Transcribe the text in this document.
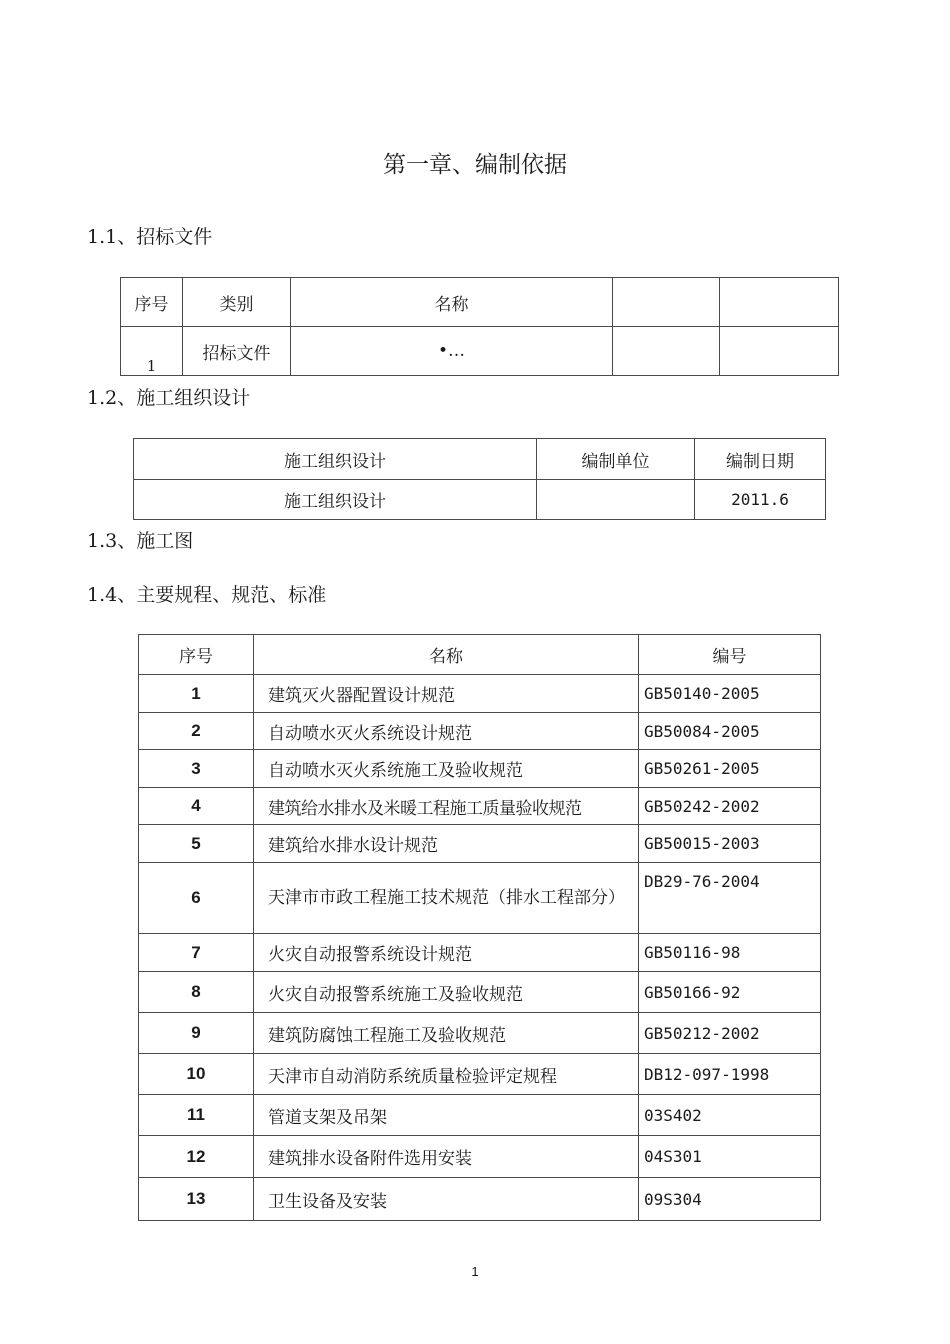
第一章、编制依据
1.1、招标文件
序号	类别	名称		
1	招标文件	•…		
1.2、施工组织设计
施工组织设计	编制单位	编制日期
施工组织设计		2011.6
1.3、施工图
1.4、主要规程、规范、标准
序号	名称	编号
1	建筑灭火器配置设计规范	GB50140-2005
2	自动喷水灭火系统设计规范	GB50084-2005
3	自动喷水灭火系统施工及验收规范	GB50261-2005
4	建筑给水排水及米暖工程施工质量验收规范	GB50242-2002
5	建筑给水排水设计规范	GB50015-2003
6	天津市市政工程施工技术规范（排水工程部分）	DB29-76-2004
7	火灾自动报警系统设计规范	GB50116-98
8	火灾自动报警系统施工及验收规范	GB50166-92
9	建筑防腐蚀工程施工及验收规范	GB50212-2002
10	天津市自动消防系统质量检验评定规程	DB12-097-1998
11	管道支架及吊架	03S402
12	建筑排水设备附件选用安装	04S301
13	卫生设备及安装	09S304
1
